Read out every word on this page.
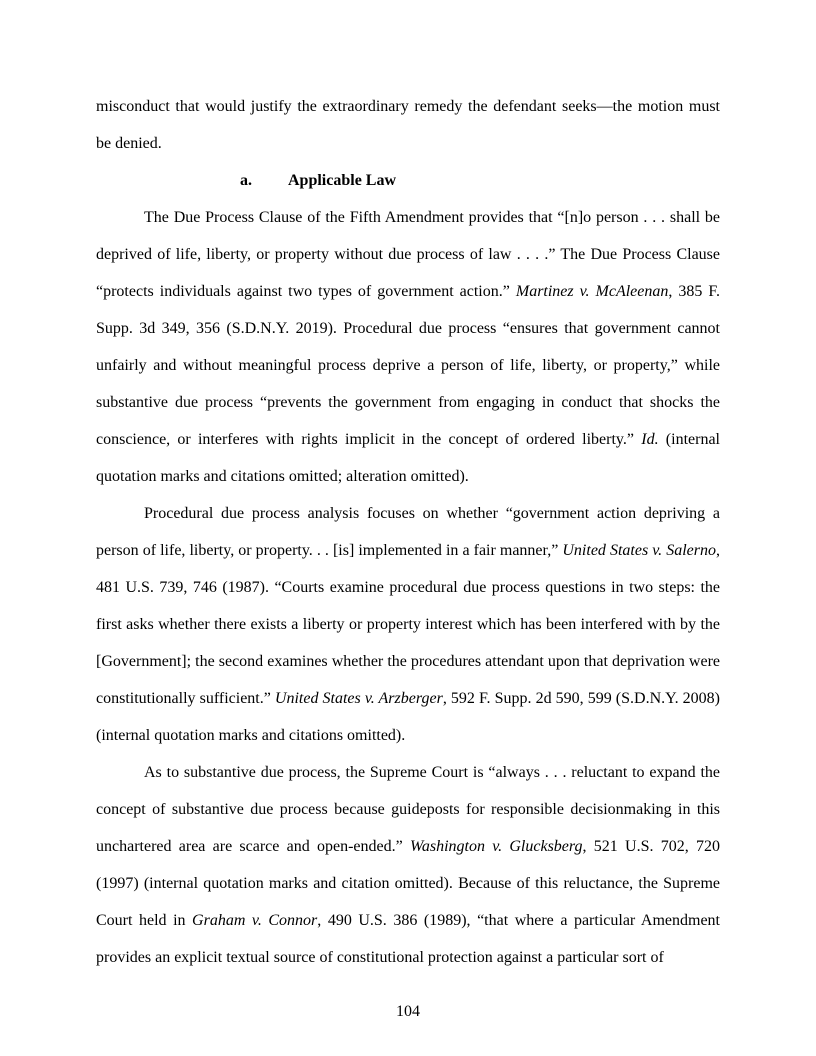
misconduct that would justify the extraordinary remedy the defendant seeks—the motion must be denied.

a. Applicable Law

The Due Process Clause of the Fifth Amendment provides that “[n]o person . . . shall be deprived of life, liberty, or property without due process of law . . . .” The Due Process Clause “protects individuals against two types of government action.” Martinez v. McAleenan, 385 F. Supp. 3d 349, 356 (S.D.N.Y. 2019). Procedural due process “ensures that government cannot unfairly and without meaningful process deprive a person of life, liberty, or property,” while substantive due process “prevents the government from engaging in conduct that shocks the conscience, or interferes with rights implicit in the concept of ordered liberty.” Id. (internal quotation marks and citations omitted; alteration omitted).

Procedural due process analysis focuses on whether “government action depriving a person of life, liberty, or property. . . [is] implemented in a fair manner,” United States v. Salerno, 481 U.S. 739, 746 (1987). “Courts examine procedural due process questions in two steps: the first asks whether there exists a liberty or property interest which has been interfered with by the [Government]; the second examines whether the procedures attendant upon that deprivation were constitutionally sufficient.” United States v. Arzberger, 592 F. Supp. 2d 590, 599 (S.D.N.Y. 2008) (internal quotation marks and citations omitted).

As to substantive due process, the Supreme Court is “always . . . reluctant to expand the concept of substantive due process because guideposts for responsible decisionmaking in this unchartered area are scarce and open-ended.” Washington v. Glucksberg, 521 U.S. 702, 720 (1997) (internal quotation marks and citation omitted). Because of this reluctance, the Supreme Court held in Graham v. Connor, 490 U.S. 386 (1989), “that where a particular Amendment provides an explicit textual source of constitutional protection against a particular sort of

104
